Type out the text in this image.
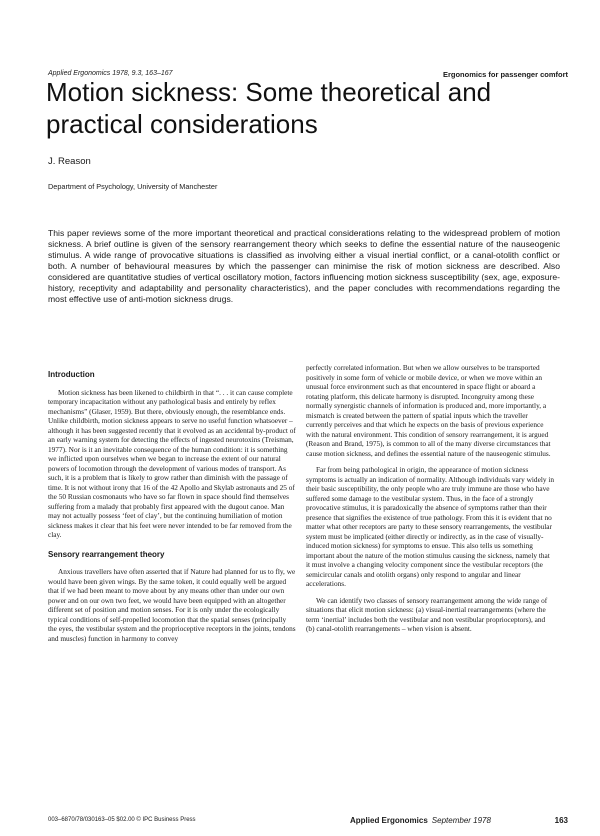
Applied Ergonomics 1978, 9.3, 163–167	Ergonomics for passenger comfort
Motion sickness: Some theoretical and practical considerations
J. Reason
Department of Psychology, University of Manchester
This paper reviews some of the more important theoretical and practical considerations relating to the widespread problem of motion sickness. A brief outline is given of the sensory rearrangement theory which seeks to define the essential nature of the nauseogenic stimulus. A wide range of provocative situations is classified as involving either a visual inertial conflict, or a canal-otolith conflict or both. A number of behavioural measures by which the passenger can minimise the risk of motion sickness are described. Also considered are quantitative studies of vertical oscillatory motion, factors influencing motion sickness susceptibility (sex, age, exposure-history, receptivity and adaptability and personality characteristics), and the paper concludes with recommendations regarding the most effective use of anti-motion sickness drugs.
Introduction

Motion sickness has been likened to childbirth in that “. . . it can cause complete temporary incapacitation without any pathological basis and entirely by reflex mechanisms” (Glaser, 1959). But there, obviously enough, the resemblance ends. Unlike childbirth, motion sickness appears to serve no useful function whatsoever – although it has been suggested recently that it evolved as an accidental by-product of an early warning system for detecting the effects of ingested neurotoxins (Treisman, 1977). Nor is it an inevitable consequence of the human condition: it is something we inflicted upon ourselves when we began to increase the extent of our natural powers of locomotion through the development of various modes of transport. As such, it is a problem that is likely to grow rather than diminish with the passage of time. It is not without irony that 16 of the 42 Apollo and Skylab astronauts and 25 of the 50 Russian cosmonauts who have so far flown in space should find themselves suffering from a malady that probably first appeared with the dugout canoe. Man may not actually possess ‘feet of clay’, but the continuing humiliation of motion sickness makes it clear that his feet were never intended to be far removed from the clay.

Sensory rearrangement theory

Anxious travellers have often asserted that if Nature had planned for us to fly, we would have been given wings. By the same token, it could equally well be argued that if we had been meant to move about by any means other than under our own power and on our own two feet, we would have been equipped with an altogether different set of position and motion senses. For it is only under the ecologically typical conditions of self-propelled locomotion that the spatial senses (principally the eyes, the vestibular system and the proprioceptive receptors in the joints, tendons and muscles) function in harmony to convey

perfectly correlated information. But when we allow ourselves to be transported positively in some form of vehicle or mobile device, or when we move within an unusual force environment such as that encountered in space flight or aboard a rotating platform, this delicate harmony is disrupted. Incongruity among these normally synergistic channels of information is produced and, more importantly, a mismatch is created between the pattern of spatial inputs which the traveller currently perceives and that which he expects on the basis of previous experience with the natural environment. This condition of sensory rearrangement, it is argued (Reason and Brand, 1975), is common to all of the many diverse circumstances that cause motion sickness, and defines the essential nature of the nauseogenic stimulus.

Far from being pathological in origin, the appearance of motion sickness symptoms is actually an indication of normality. Although individuals vary widely in their basic susceptibility, the only people who are truly immune are those who have suffered some damage to the vestibular system. Thus, in the face of a strongly provocative stimulus, it is paradoxically the absence of symptoms rather than their presence that signifies the existence of true pathology. From this it is evident that no matter what other receptors are party to these sensory rearrangements, the vestibular system must be implicated (either directly or indirectly, as in the case of visually-induced motion sickness) for symptoms to ensue. This also tells us something important about the nature of the motion stimulus causing the sickness, namely that it must involve a changing velocity component since the vestibular receptors (the semicircular canals and otolith organs) only respond to angular and linear accelerations.

We can identify two classes of sensory rearrangement among the wide range of situations that elicit motion sickness: (a) visual-inertial rearrangements (where the term ‘inertial’ includes both the vestibular and non vestibular proprioceptors), and (b) canal-otolith rearrangements – when vision is absent.

003–6870/78/030163–05 $02.00 © IPC Business Press	Applied Ergonomics September 1978	163
